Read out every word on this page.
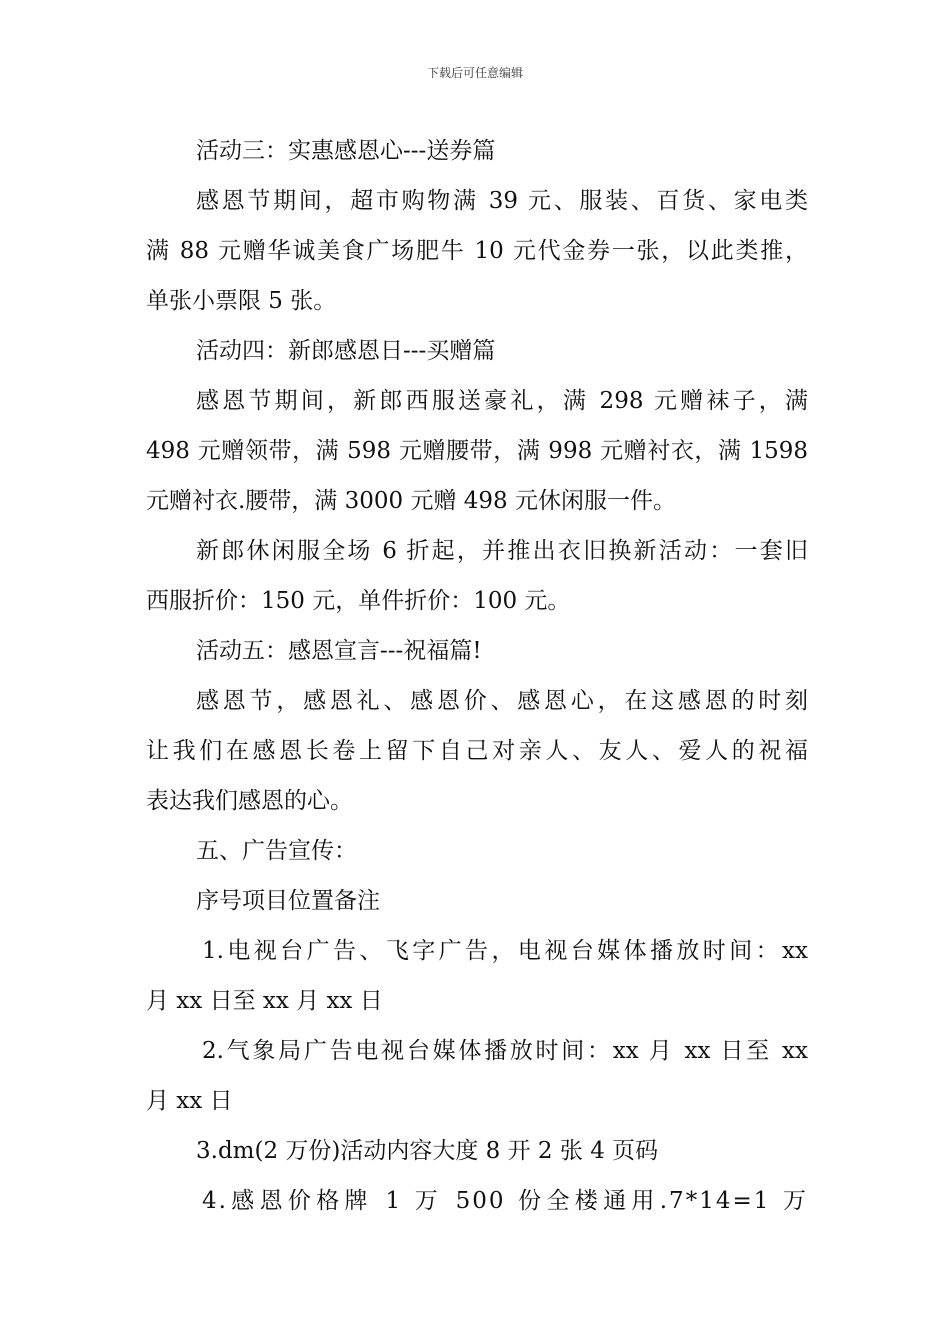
下载后可任意编辑
活动三：实惠感恩心---送券篇
感恩节期间，超市购物满 39 元、服装、百货、家电类
满 88 元赠华诚美食广场肥牛 10 元代金券一张，以此类推，
单张小票限 5 张。
活动四：新郎感恩日---买赠篇
感恩节期间，新郎西服送豪礼，满 298 元赠袜子，满
498 元赠领带，满 598 元赠腰带，满 998 元赠衬衣，满 1598
元赠衬衣.腰带，满 3000 元赠 498 元休闲服一件。
新郎休闲服全场 6 折起，并推出衣旧换新活动：一套旧
西服折价：150 元，单件折价：100 元。
活动五：感恩宣言---祝福篇!
感恩节，感恩礼、感恩价、感恩心，在这感恩的时刻
让我们在感恩长卷上留下自己对亲人、友人、爱人的祝福
表达我们感恩的心。
五、广告宣传：
序号项目位置备注
1.电视台广告、飞字广告，电视台媒体播放时间：xx
月 xx 日至 xx 月 xx 日
2.气象局广告电视台媒体播放时间：xx 月 xx 日至 xx
月 xx 日
3.dm(2 万份)活动内容大度 8 开 2 张 4 页码
4.感恩价格牌 1 万 500 份全楼通用.7*14=1 万
